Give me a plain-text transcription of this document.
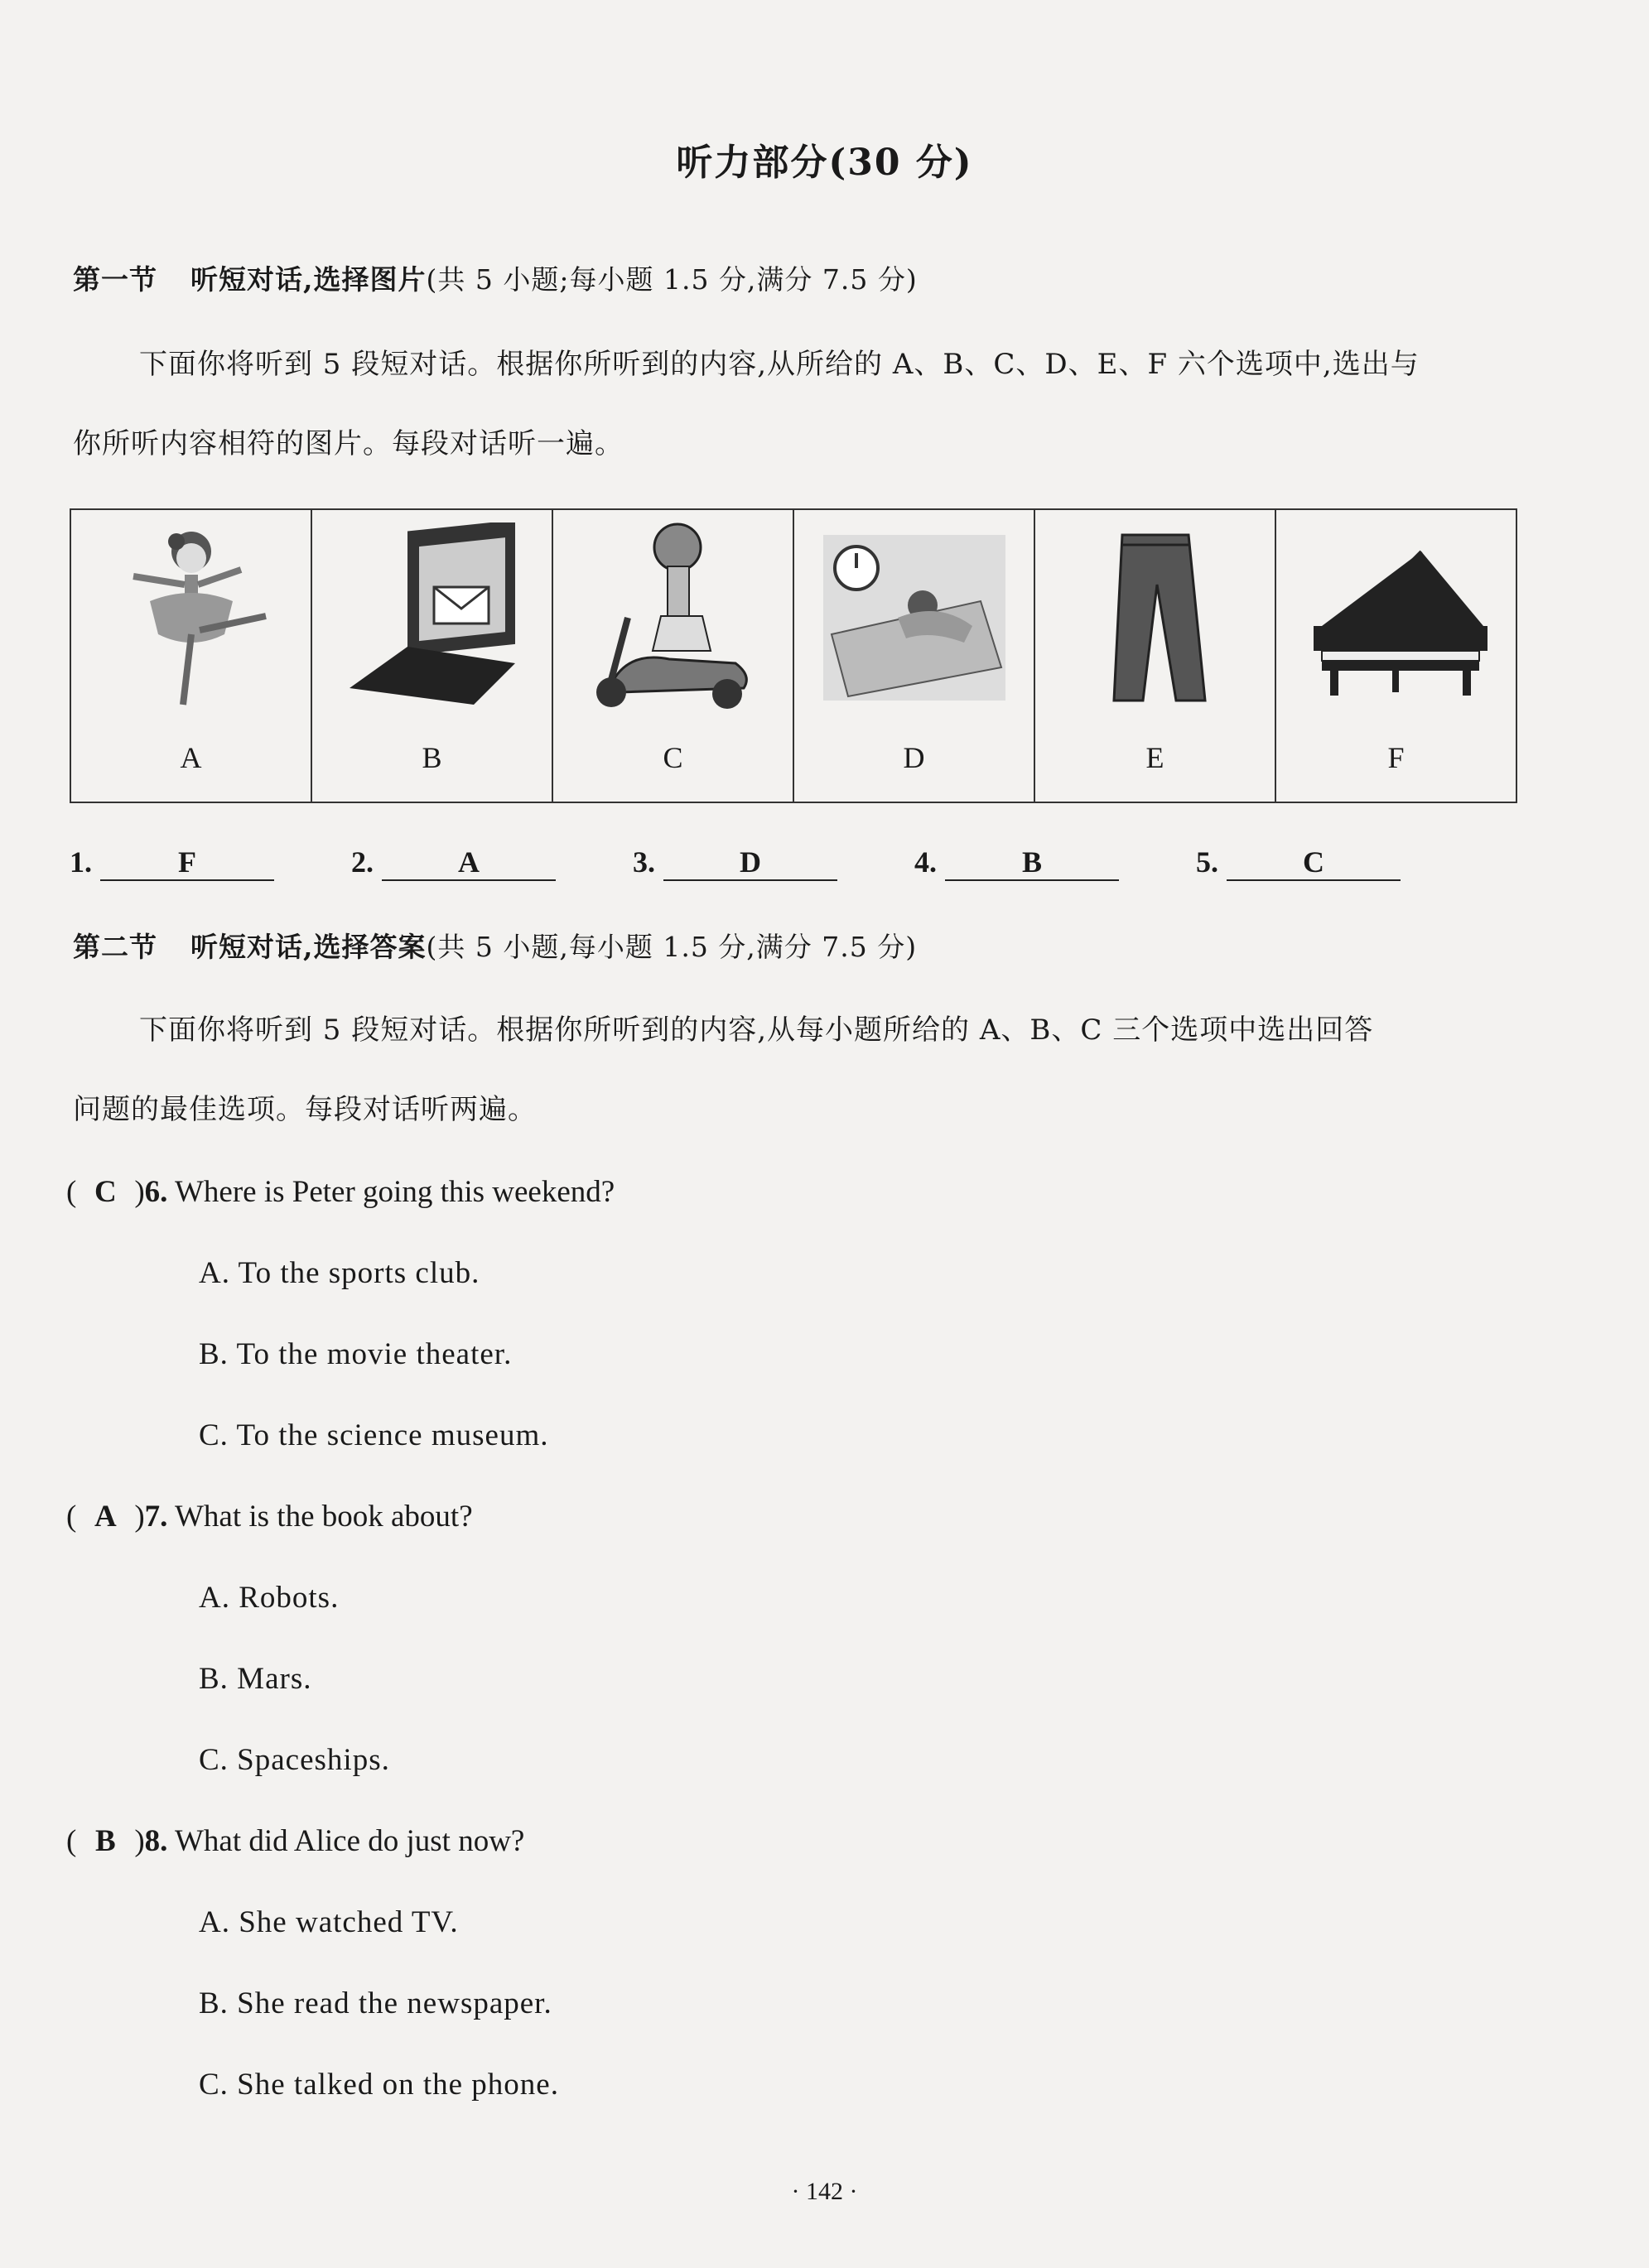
听力部分(30 分)
第一节 听短对话,选择图片(共 5 小题;每小题 1.5 分,满分 7.5 分)
下面你将听到 5 段短对话。根据你所听到的内容,从所给的 A、B、C、D、E、F 六个选项中,选出与
你所听内容相符的图片。每段对话听一遍。
A	B	C	D	E	F
1.	F	2.	A	3.	D	4.	B	5.	C
第二节 听短对话,选择答案(共 5 小题,每小题 1.5 分,满分 7.5 分)
下面你将听到 5 段短对话。根据你所听到的内容,从每小题所给的 A、B、C 三个选项中选出回答
问题的最佳选项。每段对话听两遍。
( C )6. Where is Peter going this weekend?
A. To the sports club.
B. To the movie theater.
C. To the science museum.
( A )7. What is the book about?
A. Robots.
B. Mars.
C. Spaceships.
( B )8. What did Alice do just now?
A. She watched TV.
B. She read the newspaper.
C. She talked on the phone.
· 142 ·
